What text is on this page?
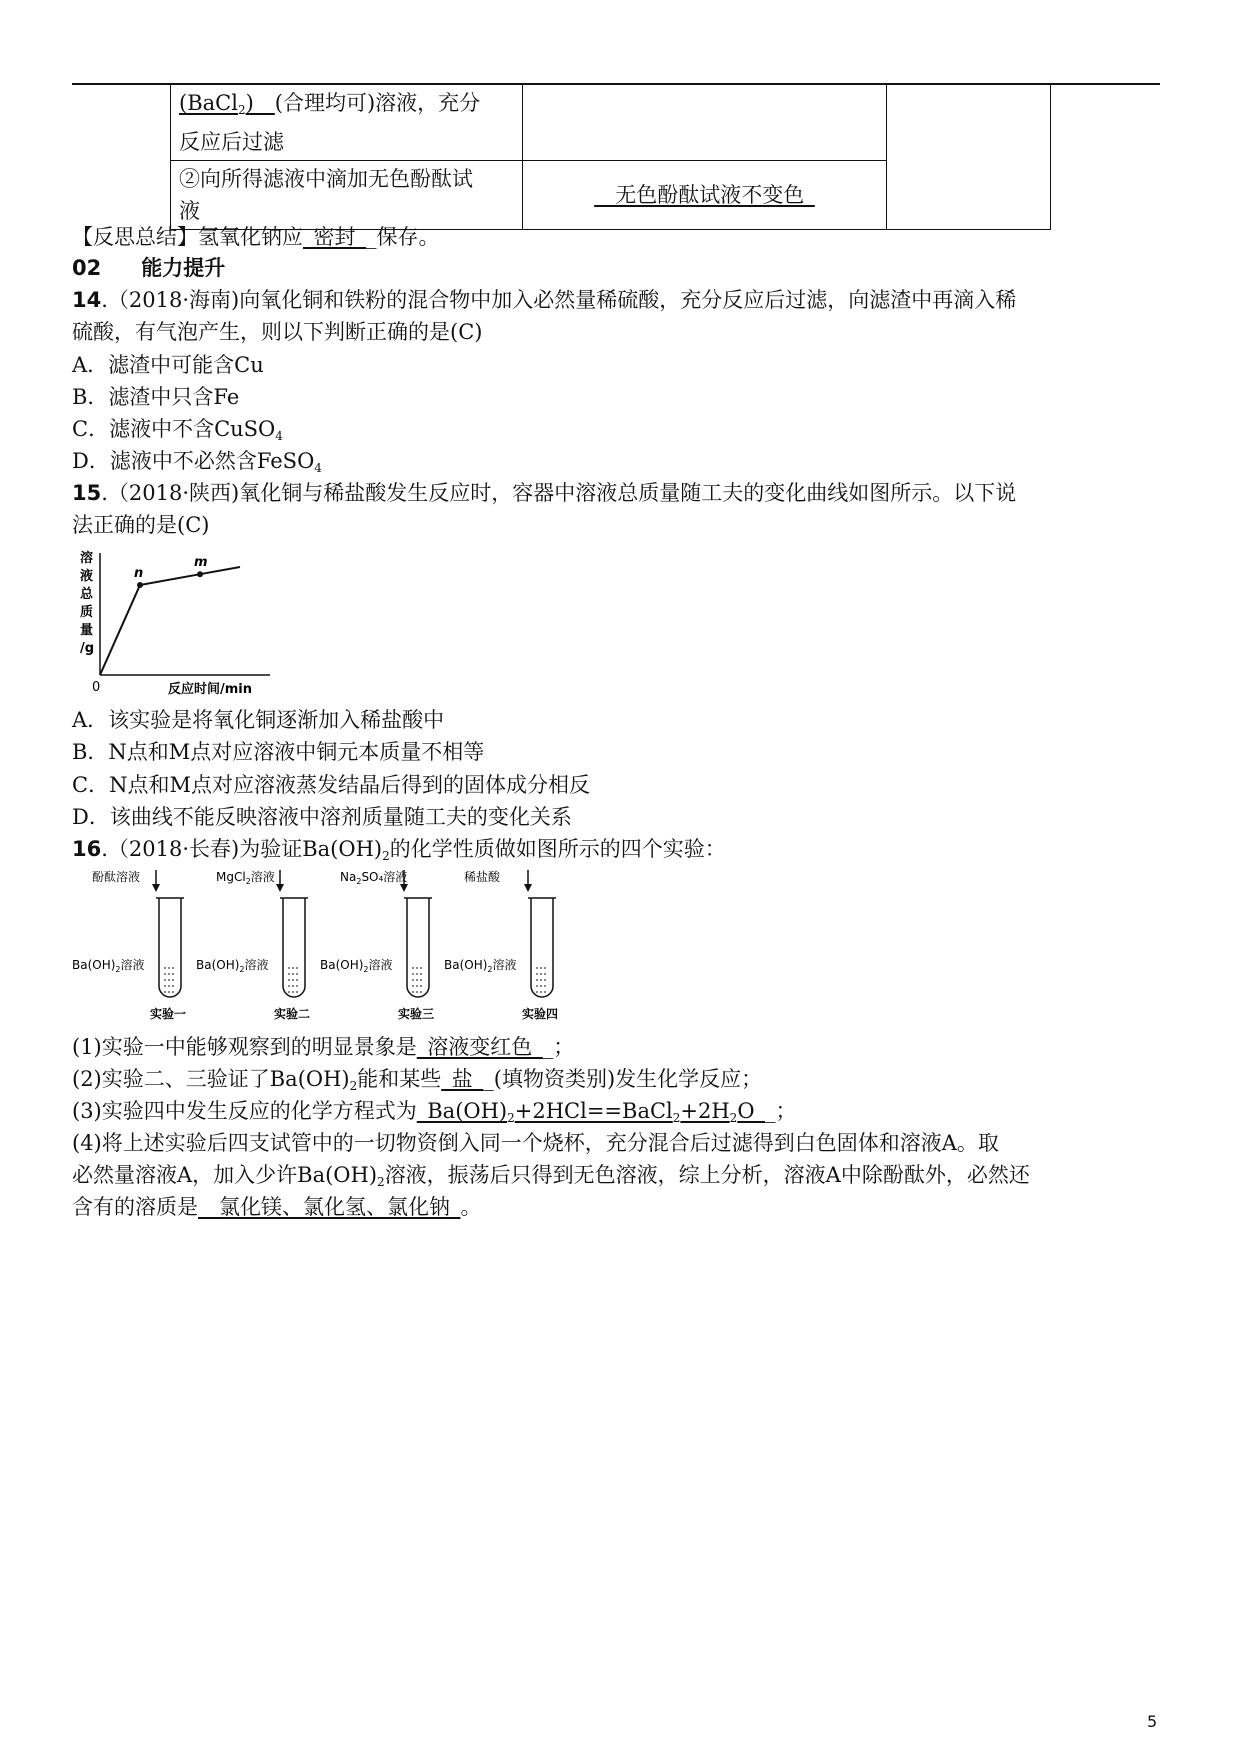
(BaCl$_2$)__(合理均可)溶液，充分
反应后过滤		

②向所得滤液中滴加无色酚酞试
液	__无色酚酞试液不变色_	
【反思总结】氢氧化钠应_密封__保存。
02 能力提升
14.（2018·海南)向氧化铜和铁粉的混合物中加入必然量稀硫酸，充分反应后过滤，向滤渣中再滴入稀
硫酸，有气泡产生，则以下判断正确的是(C)
A．滤渣中可能含Cu
B．滤渣中只含Fe
C．滤液中不含CuSO$_4$
D．滤液中不必然含FeSO$_4$
15.（2018·陕西)氧化铜与稀盐酸发生反应时，容器中溶液总质量随工夫的变化曲线如图所示。以下说
法正确的是(C)
溶
液
总
质
量
/g
0	反应时间/min
n
m
A．该实验是将氧化铜逐渐加入稀盐酸中
B．N点和M点对应溶液中铜元本质量不相等
C．N点和M点对应溶液蒸发结晶后得到的固体成分相反
D．该曲线不能反映溶液中溶剂质量随工夫的变化关系
16.（2018·长春)为验证$Ba(OH)_2$的化学性质做如图所示的四个实验：
酚酞溶液
$Ba(OH)_2$溶液
实验一
MgCl$_2$溶液
$Ba(OH)_2$溶液
实验二
$Na_2SO_4$溶液
$Ba(OH)_2$溶液
实验三
稀盐酸
$Ba(OH)_2$溶液
实验四
(1)实验一中能够观察到的明显景象是_溶液变红色__；
(2)实验二、三验证了$Ba(OH)_2$能和某些_盐__(填物资类别)发生化学反应；
(3)实验四中发生反应的化学方程式为$\_Ba(OH)_2+2HCl==BaCl_2+2H_2O\_\_$；
(4)将上述实验后四支试管中的一切物资倒入同一个烧杯，充分混合后过滤得到白色固体和溶液A。取
必然量溶液A，加入少许$Ba(OH)_2$溶液，振荡后只得到无色溶液，综上分析，溶液A中除酚酞外，必然还
含有的溶质是__氯化镁、氯化氢、氯化钠_。
5
